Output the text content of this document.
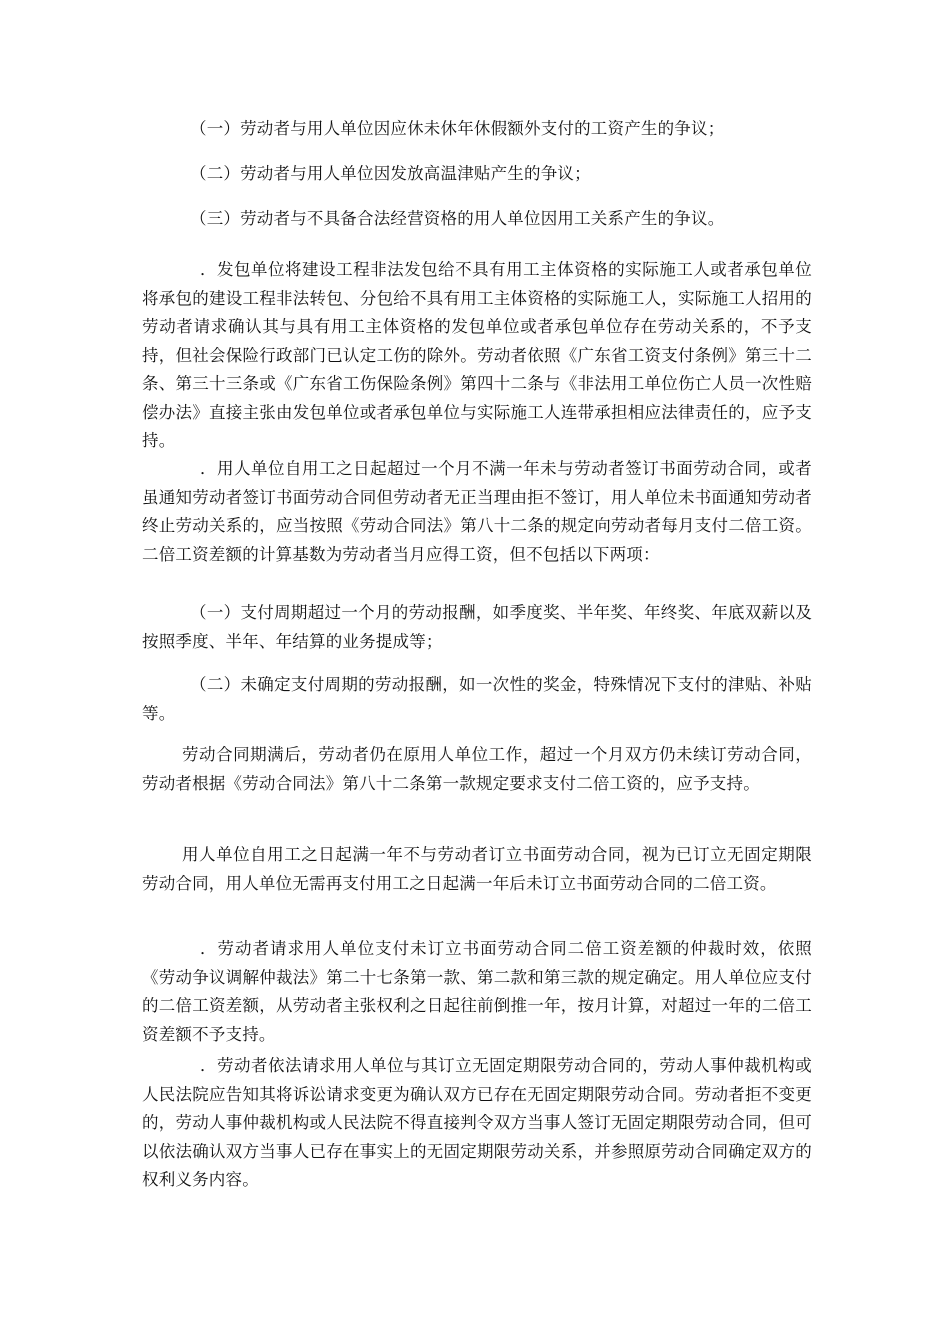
（一）劳动者与用人单位因应休未休年休假额外支付的工资产生的争议；

（二）劳动者与用人单位因发放高温津贴产生的争议；

（三）劳动者与不具备合法经营资格的用人单位因用工关系产生的争议。

．发包单位将建设工程非法发包给不具有用工主体资格的实际施工人或者承包单位将承包的建设工程非法转包、分包给不具有用工主体资格的实际施工人，实际施工人招用的劳动者请求确认其与具有用工主体资格的发包单位或者承包单位存在劳动关系的，不予支持，但社会保险行政部门已认定工伤的除外。劳动者依照《广东省工资支付条例》第三十二条、第三十三条或《广东省工伤保险条例》第四十二条与《非法用工单位伤亡人员一次性赔偿办法》直接主张由发包单位或者承包单位与实际施工人连带承担相应法律责任的，应予支持。

．用人单位自用工之日起超过一个月不满一年未与劳动者签订书面劳动合同，或者虽通知劳动者签订书面劳动合同但劳动者无正当理由拒不签订，用人单位未书面通知劳动者终止劳动关系的，应当按照《劳动合同法》第八十二条的规定向劳动者每月支付二倍工资。二倍工资差额的计算基数为劳动者当月应得工资，但不包括以下两项：

（一）支付周期超过一个月的劳动报酬，如季度奖、半年奖、年终奖、年底双薪以及按照季度、半年、年结算的业务提成等；

（二）未确定支付周期的劳动报酬，如一次性的奖金，特殊情况下支付的津贴、补贴等。

劳动合同期满后，劳动者仍在原用人单位工作，超过一个月双方仍未续订劳动合同，劳动者根据《劳动合同法》第八十二条第一款规定要求支付二倍工资的，应予支持。

用人单位自用工之日起满一年不与劳动者订立书面劳动合同，视为已订立无固定期限劳动合同，用人单位无需再支付用工之日起满一年后未订立书面劳动合同的二倍工资。

．劳动者请求用人单位支付未订立书面劳动合同二倍工资差额的仲裁时效，依照《劳动争议调解仲裁法》第二十七条第一款、第二款和第三款的规定确定。用人单位应支付的二倍工资差额，从劳动者主张权利之日起往前倒推一年，按月计算，对超过一年的二倍工资差额不予支持。

．劳动者依法请求用人单位与其订立无固定期限劳动合同的，劳动人事仲裁机构或人民法院应告知其将诉讼请求变更为确认双方已存在无固定期限劳动合同。劳动者拒不变更的，劳动人事仲裁机构或人民法院不得直接判令双方当事人签订无固定期限劳动合同，但可以依法确认双方当事人已存在事实上的无固定期限劳动关系，并参照原劳动合同确定双方的权利义务内容。
